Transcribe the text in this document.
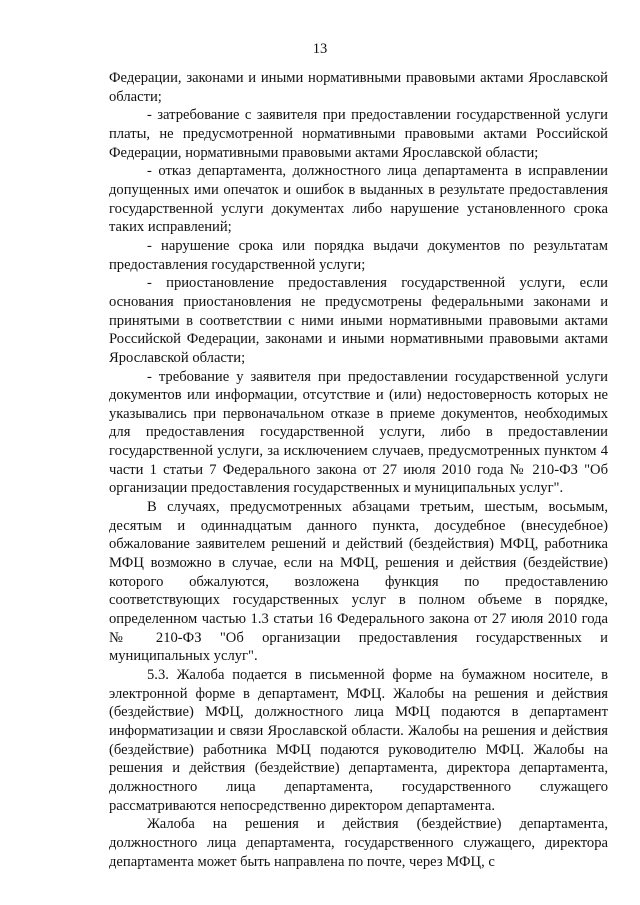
13

Федерации, законами и иными нормативными правовыми актами Ярославской области;

- затребование с заявителя при предоставлении государственной услуги платы, не предусмотренной нормативными правовыми актами Российской Федерации, нормативными правовыми актами Ярославской области;

- отказ департамента, должностного лица департамента в исправлении допущенных ими опечаток и ошибок в выданных в результате предоставления государственной услуги документах либо нарушение установленного срока таких исправлений;

- нарушение срока или порядка выдачи документов по результатам предоставления государственной услуги;

- приостановление предоставления государственной услуги, если основания приостановления не предусмотрены федеральными законами и принятыми в соответствии с ними иными нормативными правовыми актами Российской Федерации, законами и иными нормативными правовыми актами Ярославской области;

- требование у заявителя при предоставлении государственной услуги документов или информации, отсутствие и (или) недостоверность которых не указывались при первоначальном отказе в приеме документов, необходимых для предоставления государственной услуги, либо в предоставлении государственной услуги, за исключением случаев, предусмотренных пунктом 4 части 1 статьи 7 Федерального закона от 27 июля 2010 года № 210-ФЗ "Об организации предоставления государственных и муниципальных услуг".

В случаях, предусмотренных абзацами третьим, шестым, восьмым, десятым и одиннадцатым данного пункта, досудебное (внесудебное) обжалование заявителем решений и действий (бездействия) МФЦ, работника МФЦ возможно в случае, если на МФЦ, решения и действия (бездействие) которого обжалуются, возложена функция по предоставлению соответствующих государственных услуг в полном объеме в порядке, определенном частью 1.3 статьи 16 Федерального закона от 27 июля 2010 года № 210-ФЗ "Об организации предоставления государственных и муниципальных услуг".

5.3. Жалоба подается в письменной форме на бумажном носителе, в электронной форме в департамент, МФЦ. Жалобы на решения и действия (бездействие) МФЦ, должностного лица МФЦ подаются в департамент информатизации и связи Ярославской области. Жалобы на решения и действия (бездействие) работника МФЦ подаются руководителю МФЦ. Жалобы на решения и действия (бездействие) департамента, директора департамента, должностного лица департамента, государственного служащего рассматриваются непосредственно директором департамента.

Жалоба на решения и действия (бездействие) департамента, должностного лица департамента, государственного служащего, директора департамента может быть направлена по почте, через МФЦ, с
